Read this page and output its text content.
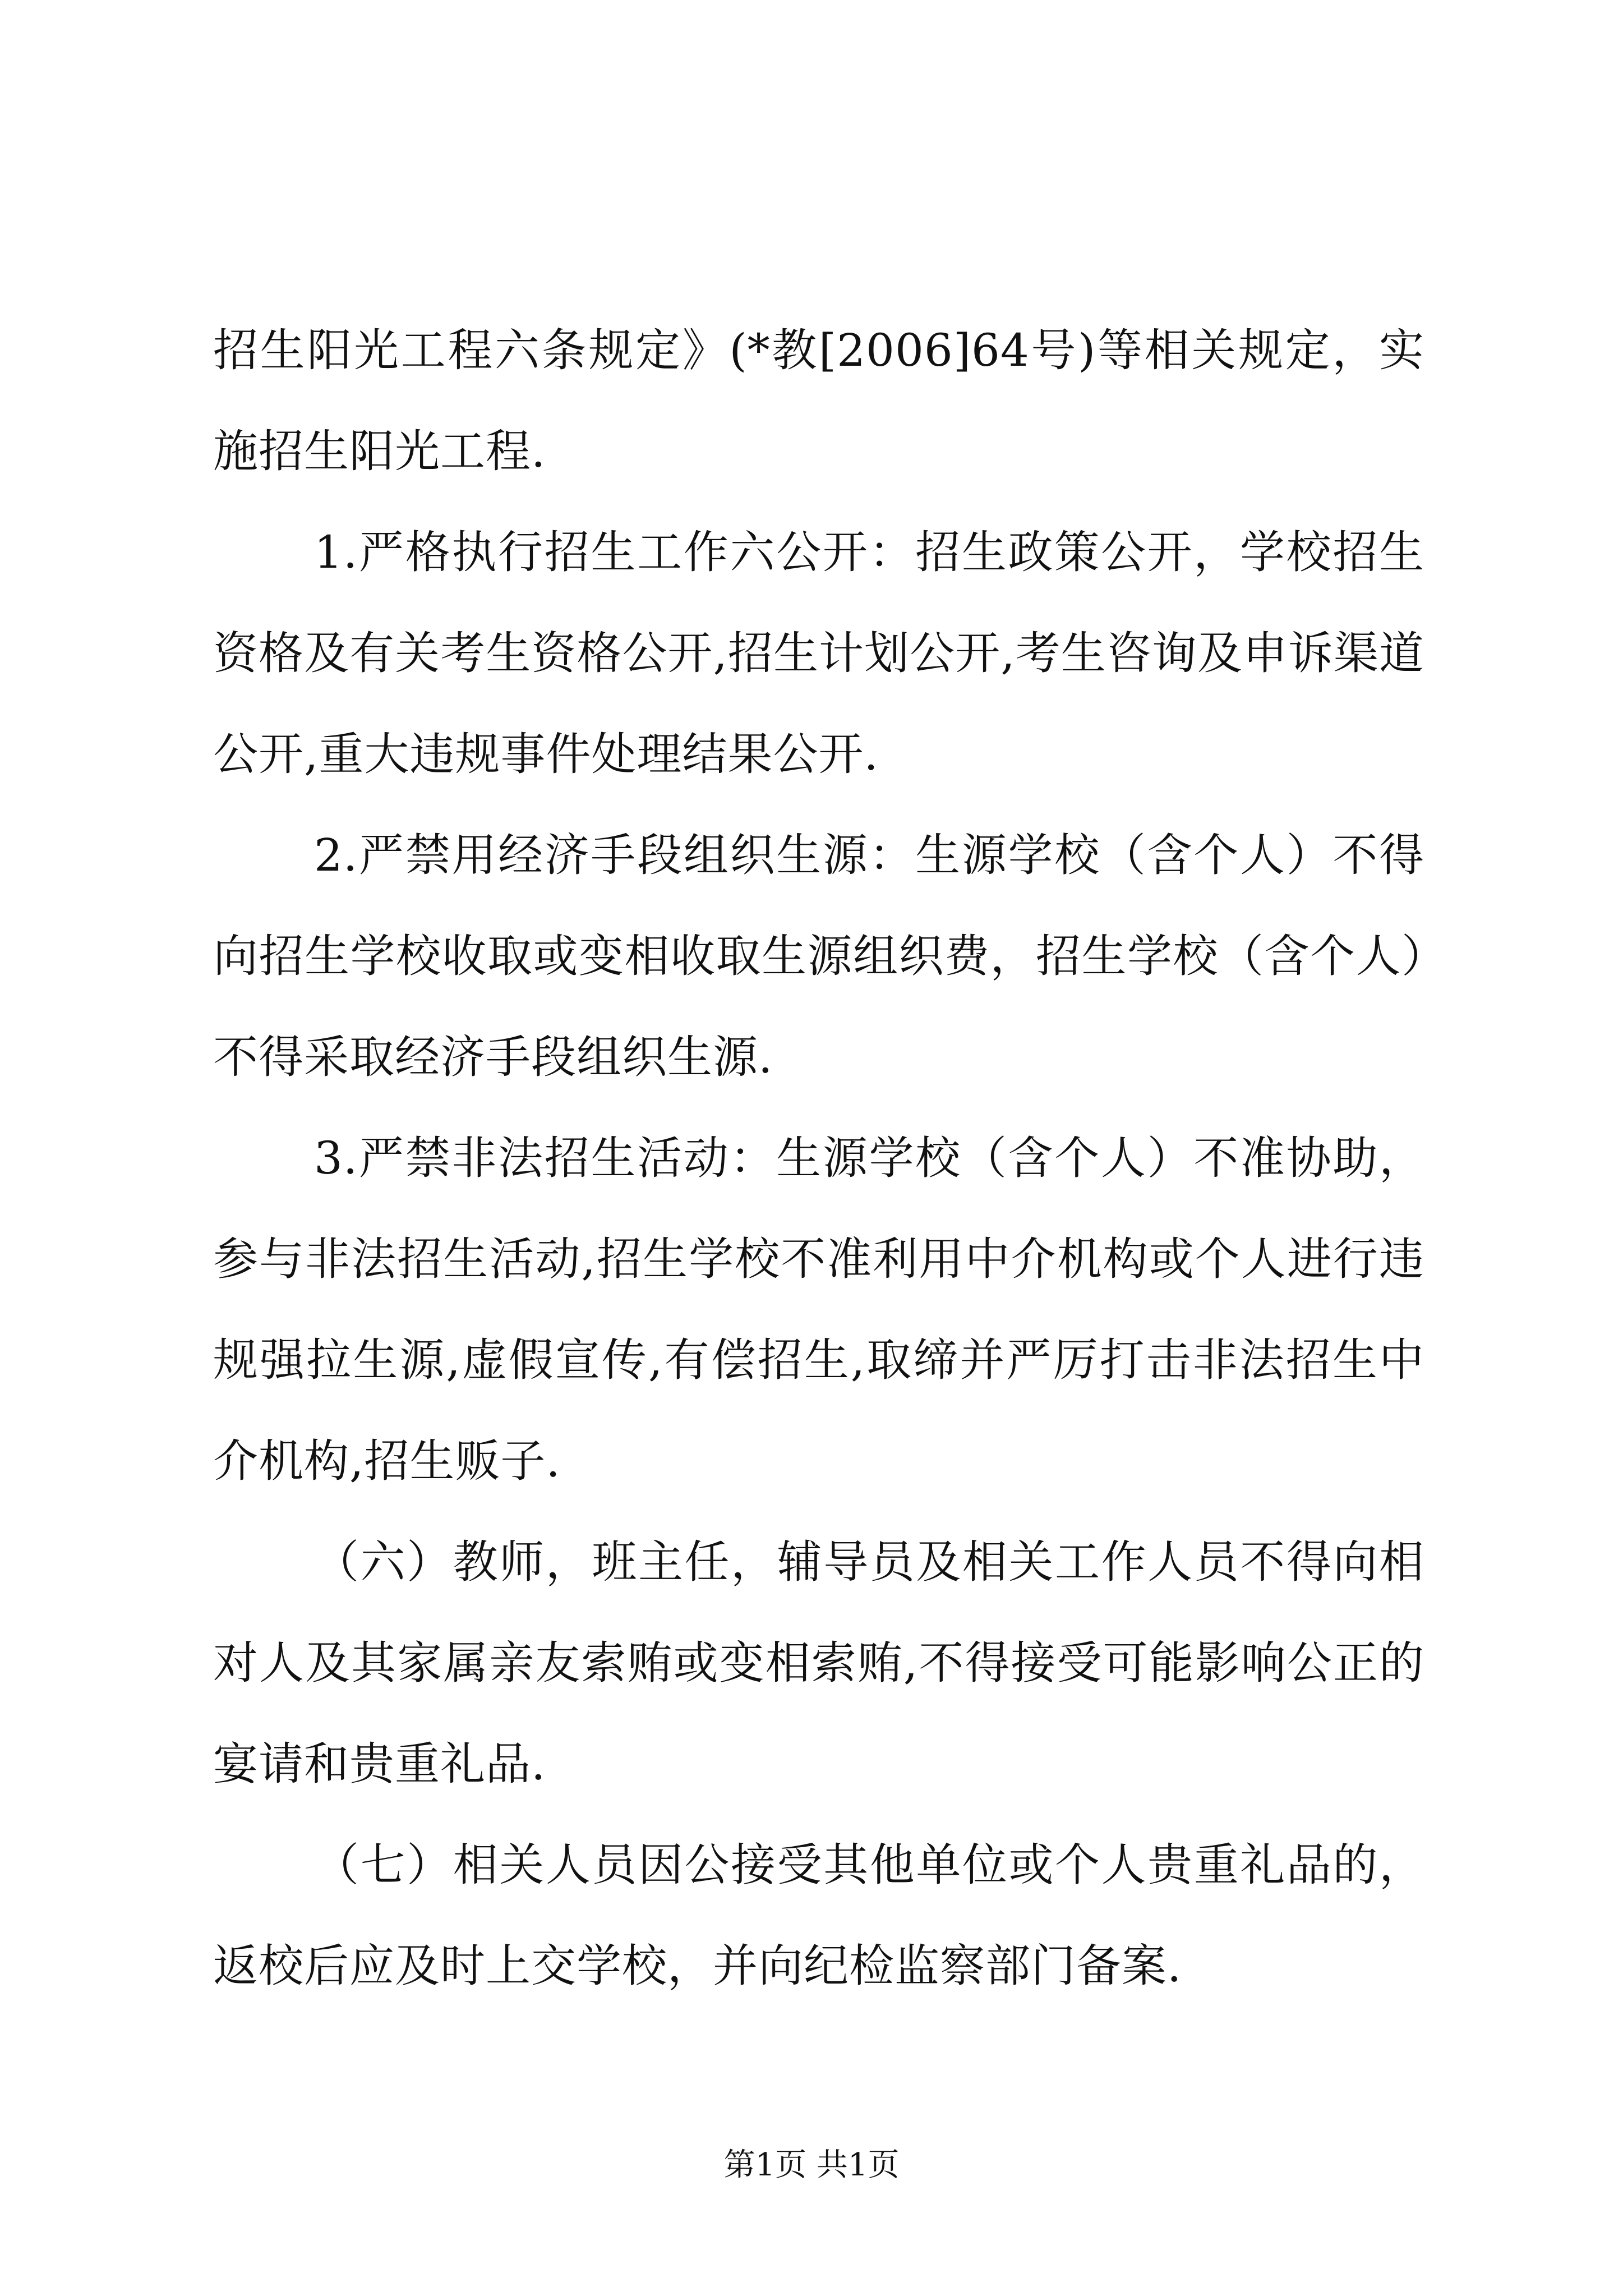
招生阳光工程六条规定》(*教[2006]64号)等相关规定，实施招生阳光工程.

1.严格执行招生工作六公开：招生政策公开，学校招生资格及有关考生资格公开,招生计划公开,考生咨询及申诉渠道公开,重大违规事件处理结果公开.

2.严禁用经济手段组织生源：生源学校（含个人）不得向招生学校收取或变相收取生源组织费，招生学校（含个人）不得采取经济手段组织生源.

3.严禁非法招生活动：生源学校（含个人）不准协助，参与非法招生活动,招生学校不准利用中介机构或个人进行违规强拉生源,虚假宣传,有偿招生,取缔并严厉打击非法招生中介机构,招生贩子.

（六）教师，班主任，辅导员及相关工作人员不得向相对人及其家属亲友索贿或变相索贿,不得接受可能影响公正的宴请和贵重礼品.

（七）相关人员因公接受其他单位或个人贵重礼品的，返校后应及时上交学校，并向纪检监察部门备案.

第1页 共1页
